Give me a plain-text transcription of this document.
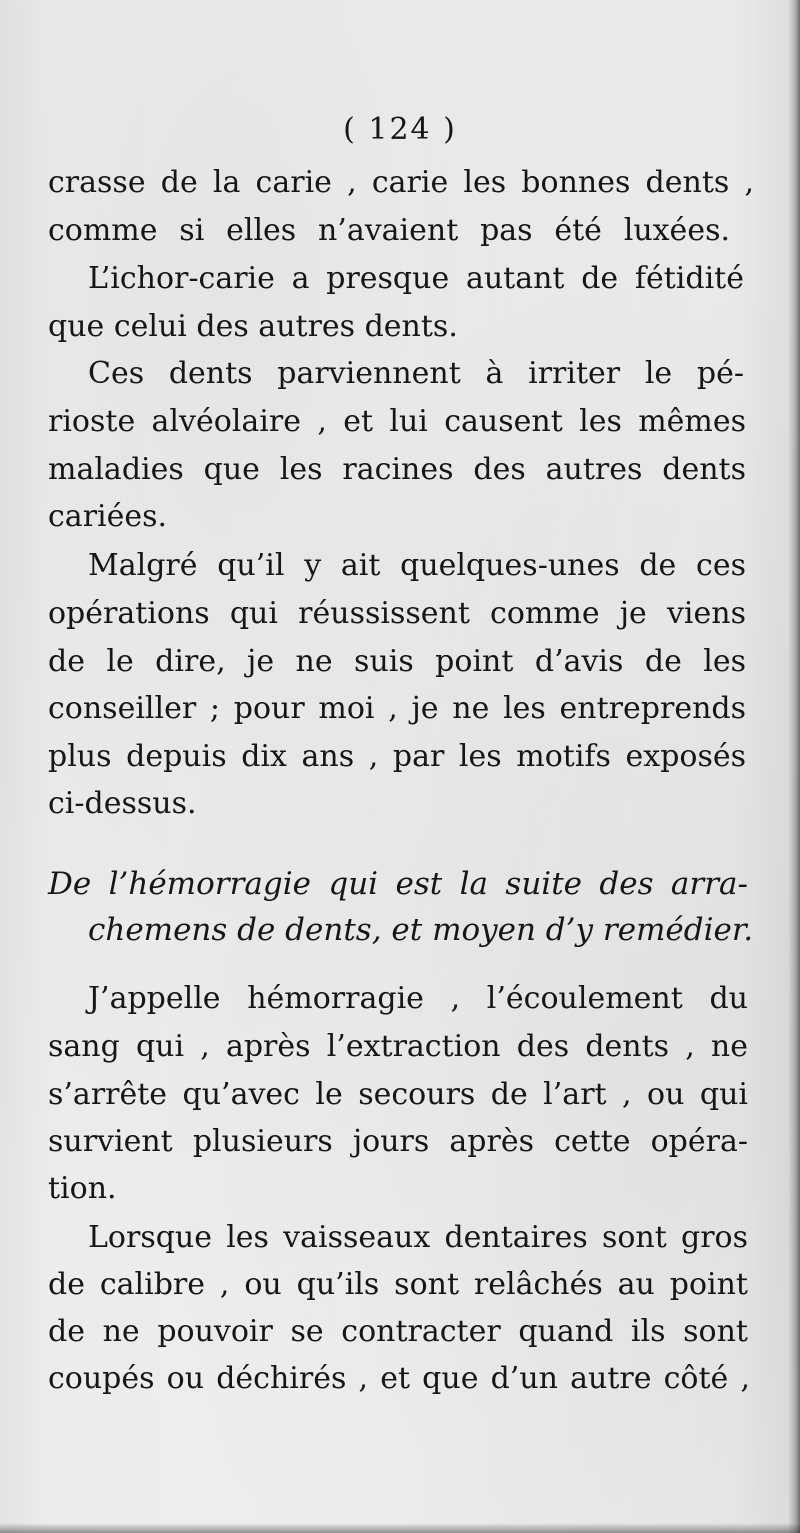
( 124 )
crasse de la carie , carie les bonnes dents ,
comme si elles n’avaient pas été luxées.
L’ichor-carie a presque autant de fétidité
que celui des autres dents.
Ces dents parviennent à irriter le pé-
rioste alvéolaire , et lui causent les mêmes
maladies que les racines des autres dents
cariées.
Malgré qu’il y ait quelques-unes de ces
opérations qui réussissent comme je viens
de le dire, je ne suis point d’avis de les
conseiller ; pour moi , je ne les entreprends
plus depuis dix ans , par les motifs exposés
ci-dessus.
De l’hémorragie qui est la suite des arra-
chemens de dents, et moyen d’y remédier.
J’appelle hémorragie , l’écoulement du
sang qui , après l’extraction des dents , ne
s’arrête qu’avec le secours de l’art , ou qui
survient plusieurs jours après cette opéra-
tion.
Lorsque les vaisseaux dentaires sont gros
de calibre , ou qu’ils sont relâchés au point
de ne pouvoir se contracter quand ils sont
coupés ou déchirés , et que d’un autre côté ,
